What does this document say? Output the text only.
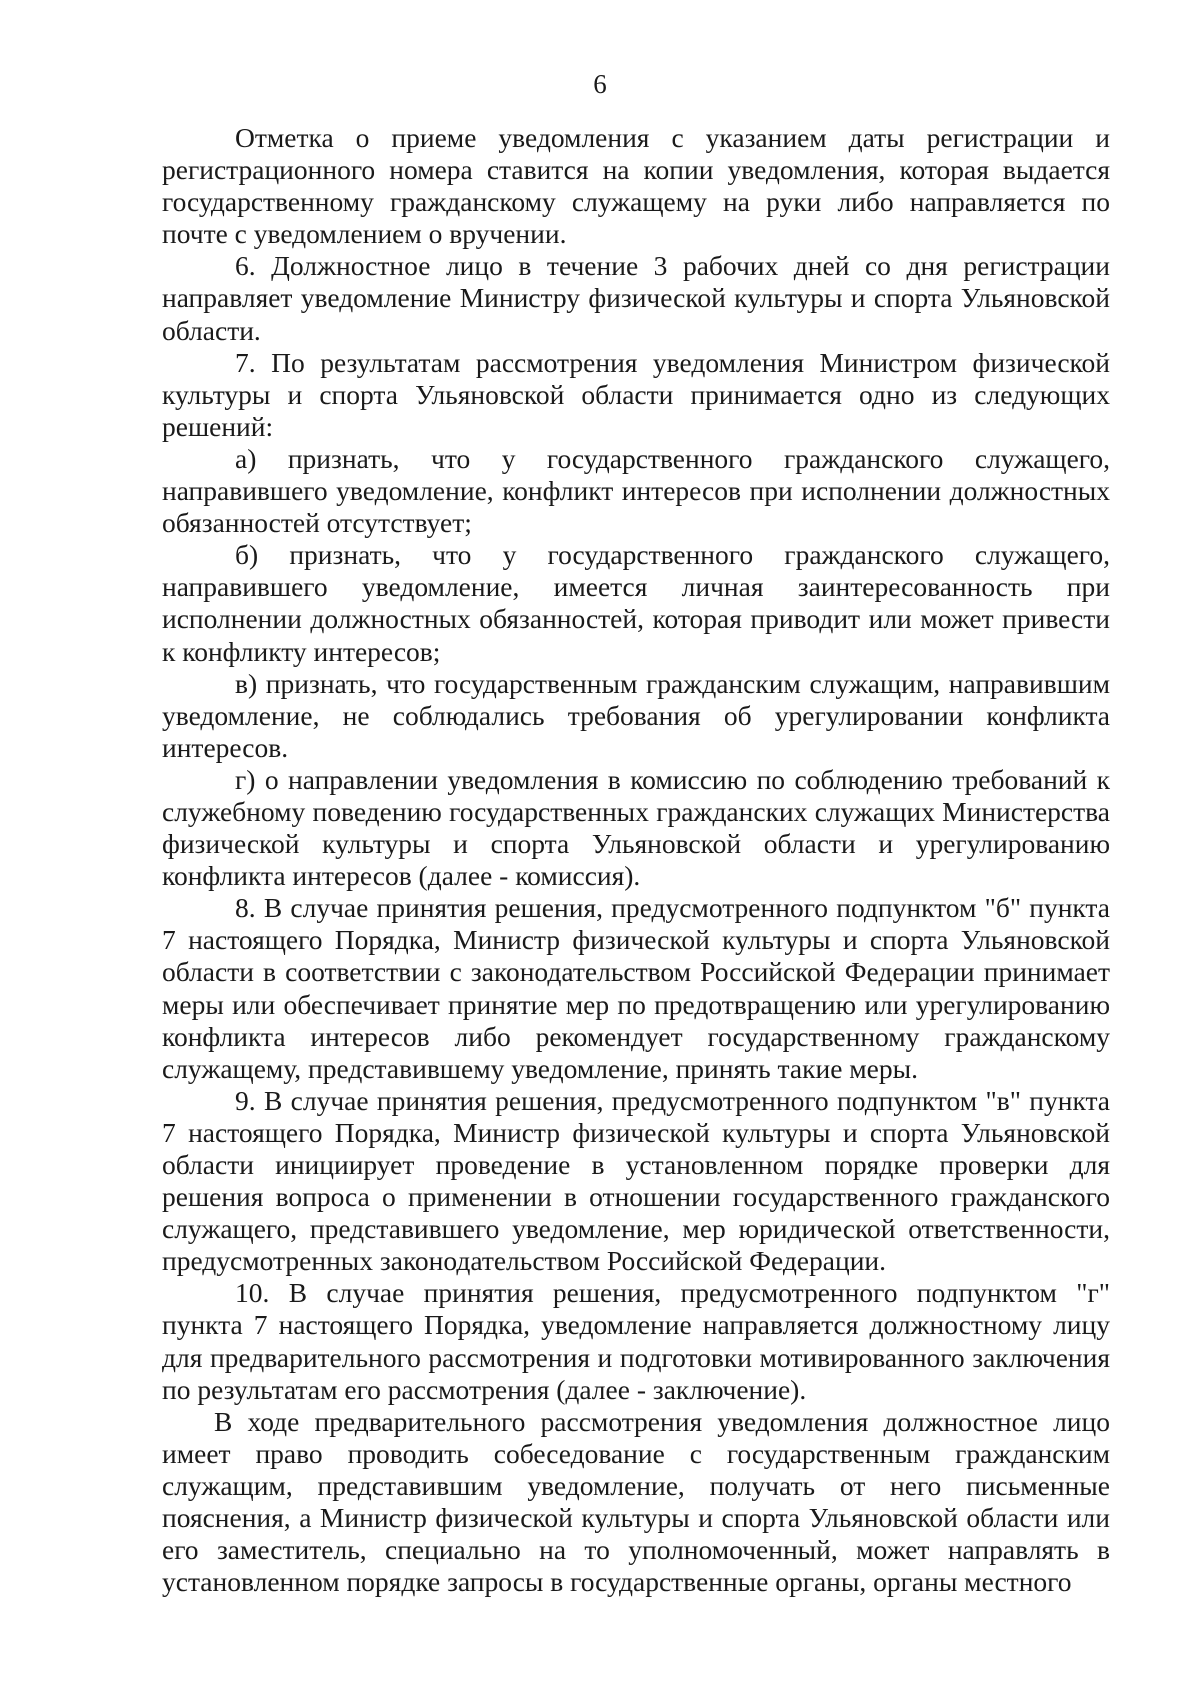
6

Отметка о приеме уведомления с указанием даты регистрации и регистрационного номера ставится на копии уведомления, которая выдается государственному гражданскому служащему на руки либо направляется по почте с уведомлением о вручении.

6. Должностное лицо в течение 3 рабочих дней со дня регистрации направляет уведомление Министру физической культуры и спорта Ульяновской области.

7. По результатам рассмотрения уведомления Министром физической культуры и спорта Ульяновской области принимается одно из следующих решений:

а) признать, что у государственного гражданского служащего, направившего уведомление, конфликт интересов при исполнении должностных обязанностей отсутствует;

б) признать, что у государственного гражданского служащего, направившего уведомление, имеется личная заинтересованность при исполнении должностных обязанностей, которая приводит или может привести к конфликту интересов;

в) признать, что государственным гражданским служащим, направившим уведомление, не соблюдались требования об урегулировании конфликта интересов.

г) о направлении уведомления в комиссию по соблюдению требований к служебному поведению государственных гражданских служащих Министерства физической культуры и спорта Ульяновской области и урегулированию конфликта интересов (далее - комиссия).

8. В случае принятия решения, предусмотренного подпунктом "б" пункта 7 настоящего Порядка, Министр физической культуры и спорта Ульяновской области в соответствии с законодательством Российской Федерации принимает меры или обеспечивает принятие мер по предотвращению или урегулированию конфликта интересов либо рекомендует государственному гражданскому служащему, представившему уведомление, принять такие меры.

9. В случае принятия решения, предусмотренного подпунктом "в" пункта 7 настоящего Порядка, Министр физической культуры и спорта Ульяновской области инициирует проведение в установленном порядке проверки для решения вопроса о применении в отношении государственного гражданского служащего, представившего уведомление, мер юридической ответственности, предусмотренных законодательством Российской Федерации.

10. В случае принятия решения, предусмотренного подпунктом "г" пункта 7 настоящего Порядка, уведомление направляется должностному лицу для предварительного рассмотрения и подготовки мотивированного заключения по результатам его рассмотрения (далее - заключение).

В ходе предварительного рассмотрения уведомления должностное лицо имеет право проводить собеседование с государственным гражданским служащим, представившим уведомление, получать от него письменные пояснения, а Министр физической культуры и спорта Ульяновской области или его заместитель, специально на то уполномоченный, может направлять в установленном порядке запросы в государственные органы, органы местного
